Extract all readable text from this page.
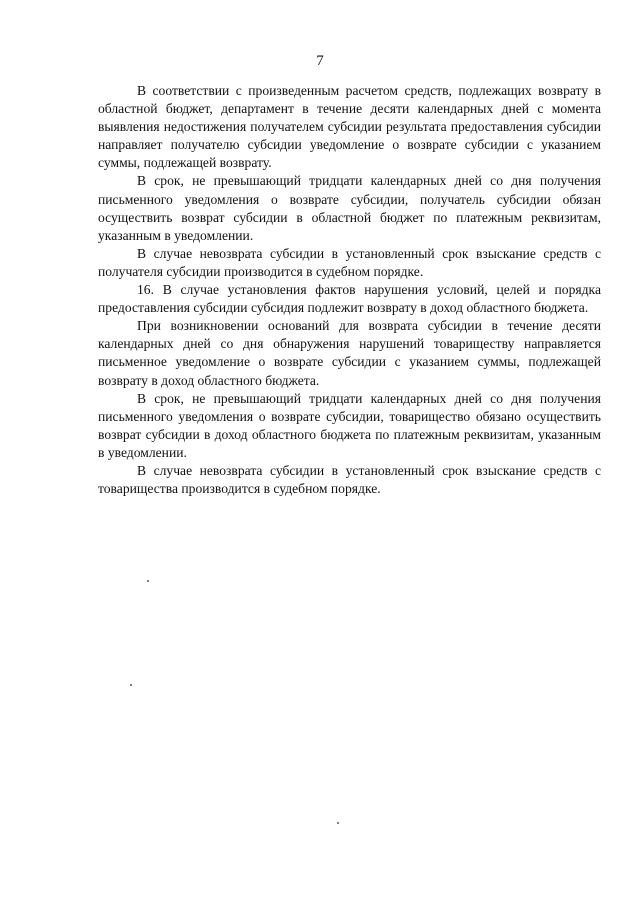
7

В соответствии с произведенным расчетом средств, подлежащих возврату в областной бюджет, департамент в течение десяти календарных дней с момента выявления недостижения получателем субсидии результата предоставления субсидии направляет получателю субсидии уведомление о возврате субсидии с указанием суммы, подлежащей возврату.

В срок, не превышающий тридцати календарных дней со дня получения письменного уведомления о возврате субсидии, получатель субсидии обязан осуществить возврат субсидии в областной бюджет по платежным реквизитам, указанным в уведомлении.

В случае невозврата субсидии в установленный срок взыскание средств с получателя субсидии производится в судебном порядке.

16. В случае установления фактов нарушения условий, целей и порядка предоставления субсидии субсидия подлежит возврату в доход областного бюджета.

При возникновении оснований для возврата субсидии в течение десяти календарных дней со дня обнаружения нарушений товариществу направляется письменное уведомление о возврате субсидии с указанием суммы, подлежащей возврату в доход областного бюджета.

В срок, не превышающий тридцати календарных дней со дня получения письменного уведомления о возврате субсидии, товарищество обязано осуществить возврат субсидии в доход областного бюджета по платежным реквизитам, указанным в уведомлении.

В случае невозврата субсидии в установленный срок взыскание средств с товарищества производится в судебном порядке.
